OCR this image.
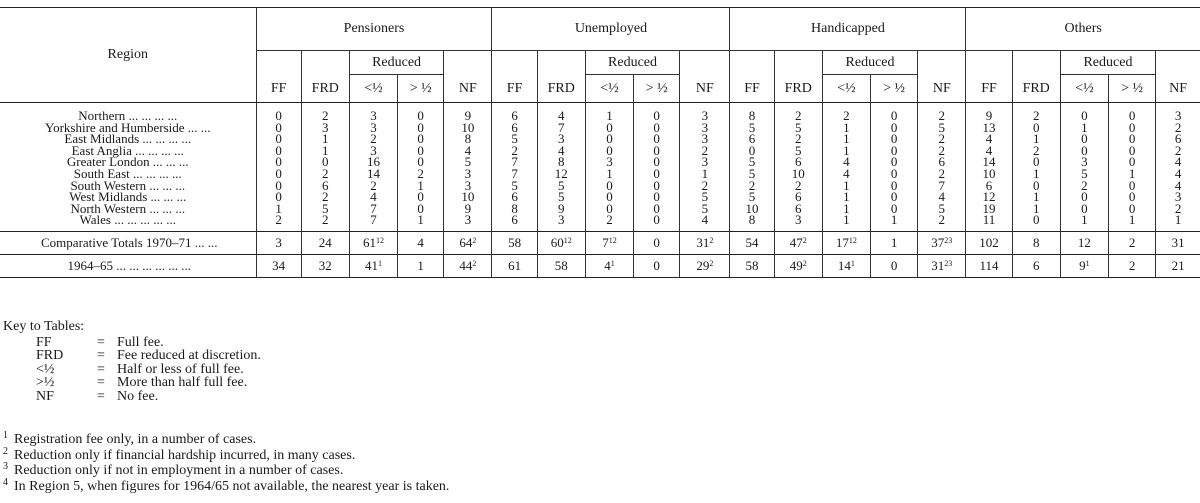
Region	Pensioners					Unemployed					Handicapped					Others				
			Reduced					Reduced					Reduced					Reduced		
	FF	FRD	<½	> ½	NF	FF	FRD	<½	> ½	NF	FF	FRD	<½	> ½	NF	FF	FRD	<½	> ½	NF
Northern ... ... ... ...	0	2	3	0	9	6	4	1	0	3	8	2	2	0	2	9	2	0	0	3
Yorkshire and Humberside ... ...	0	3	3	0	10	6	7	0	0	3	5	5	1	0	5	13	0	1	0	2
East Midlands ... ... ... ...	0	1	2	0	8	5	3	0	0	3	6	2	1	0	2	4	1	0	0	6
East Anglia ... ... ... ...	0	1	3	0	4	2	4	0	0	2	0	5	1	0	2	4	2	0	0	2
Greater London ... ... ...	0	0	16	0	5	7	8	3	0	3	5	6	4	0	6	14	0	3	0	4
South East ... ... ... ...	0	2	14	2	3	7	12	1	0	1	5	10	4	0	2	10	1	5	1	4
South Western ... ... ...	0	6	2	1	3	5	5	0	0	2	2	2	1	0	7	6	0	2	0	4
West Midlands ... ... ...	0	2	4	0	10	6	5	0	0	5	5	6	1	0	4	12	1	0	0	3
North Western ... ... ...	1	5	7	0	9	8	9	0	0	5	10	6	1	0	5	19	1	0	0	2
Wales ... ... ... ... ...	2	2	7	1	3	6	3	2	0	4	8	3	1	1	2	11	0	1	1	1
Comparative Totals 1970–71 ... ...	3	24	$61^{12}$	4	$64^2$	58	$60^{12}$	$7^{12}$	0	$31^2$	54	$47^2$	$17^{12}$	1	$37^{23}$	102	8	12	2	31
1964–65 ... ... ... ... ... ...	34	32	$41^1$	1	$44^2$	61	58	$4^1$	0	$29^2$	58	$49^2$	$14^1$	0	$31^{23}$	114	6	$9^1$	2	21
Key to Tables:
FF	= Full fee.
FRD	= Fee reduced at discretion.
<½	= Half or less of full fee.
>½	= More than half full fee.
NF	= No fee.
$^1$ Registration fee only, in a number of cases.
$^2$ Reduction only if financial hardship incurred, in many cases.
$^3$ Reduction only if not in employment in a number of cases.
$^4$ In Region 5, when figures for 1964/65 not available, the nearest year is taken.
